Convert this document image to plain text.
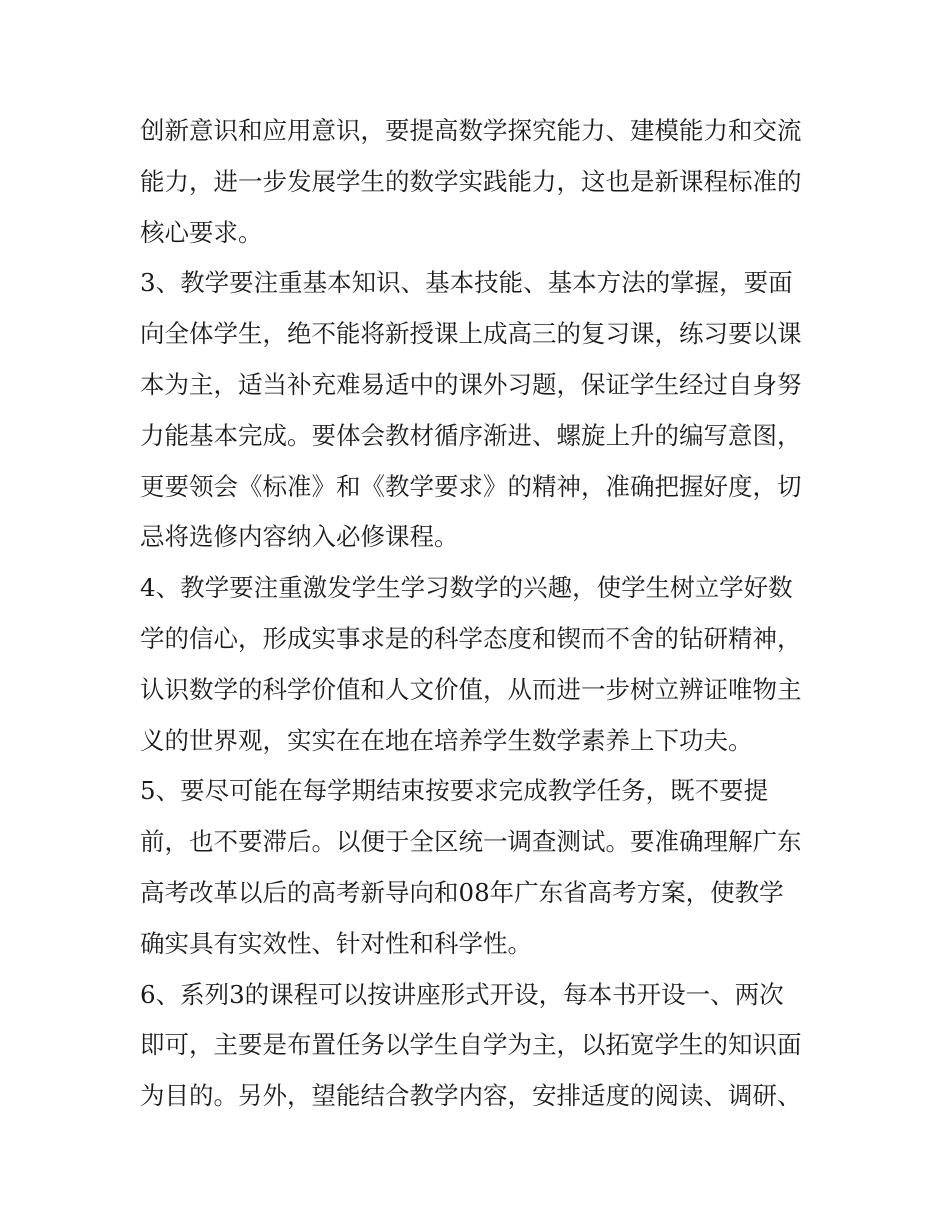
创新意识和应用意识，要提高数学探究能力、建模能力和交流
能力，进一步发展学生的数学实践能力，这也是新课程标准的
核心要求。
3、教学要注重基本知识、基本技能、基本方法的掌握，要面
向全体学生，绝不能将新授课上成高三的复习课，练习要以课
本为主，适当补充难易适中的课外习题，保证学生经过自身努
力能基本完成。要体会教材循序渐进、螺旋上升的编写意图，
更要领会《标准》和《教学要求》的精神，准确把握好度，切
忌将选修内容纳入必修课程。
4、教学要注重激发学生学习数学的兴趣，使学生树立学好数
学的信心，形成实事求是的科学态度和锲而不舍的钻研精神，
认识数学的科学价值和人文价值，从而进一步树立辨证唯物主
义的世界观，实实在在地在培养学生数学素养上下功夫。
5、要尽可能在每学期结束按要求完成教学任务，既不要提
前，也不要滞后。以便于全区统一调查测试。要准确理解广东
高考改革以后的高考新导向和08年广东省高考方案，使教学
确实具有实效性、针对性和科学性。
6、系列3的课程可以按讲座形式开设，每本书开设一、两次
即可，主要是布置任务以学生自学为主，以拓宽学生的知识面
为目的。另外，望能结合教学内容，安排适度的阅读、调研、
